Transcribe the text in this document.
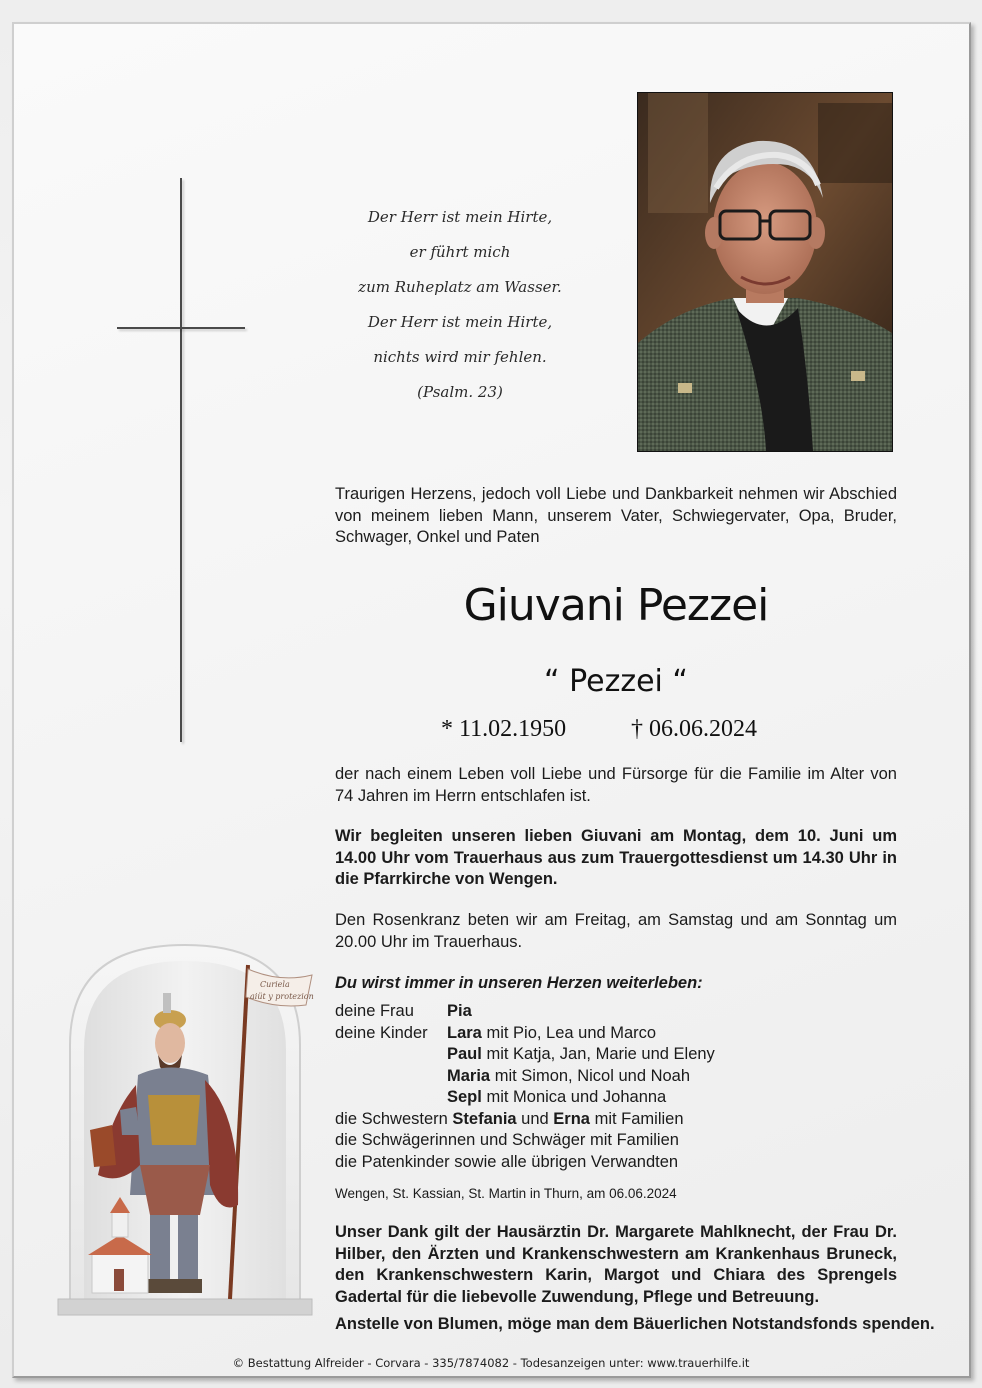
Der Herr ist mein Hirte,
er führt mich
zum Ruheplatz am Wasser.
Der Herr ist mein Hirte,
nichts wird mir fehlen.
(Psalm. 23)
Traurigen Herzens, jedoch voll Liebe und Dankbarkeit nehmen wir Abschied von meinem lieben Mann, unserem Vater, Schwiegervater, Opa, Bruder, Schwager, Onkel und Paten
Giuvani Pezzei
“ Pezzei “
* 11.02.1950	† 06.06.2024
der nach einem Leben voll Liebe und Fürsorge für die Familie im Alter von 74 Jahren im Herrn entschlafen ist.
Wir begleiten unseren lieben Giuvani am Montag, dem 10. Juni um 14.00 Uhr vom Trauerhaus aus zum Trauergottesdienst um 14.30 Uhr in die Pfarrkirche von Wengen.
Den Rosenkranz beten wir am Freitag, am Samstag und am Sonntag um 20.00 Uhr im Trauerhaus.
Du wirst immer in unseren Herzen weiterleben:
deine Frau Pia
deine Kinder Lara mit Pio, Lea und Marco
Paul mit Katja, Jan, Marie und Eleny
Maria mit Simon, Nicol und Noah
Sepl mit Monica und Johanna
die Schwestern Stefania und Erna mit Familien
die Schwägerinnen und Schwäger mit Familien
die Patenkinder sowie alle übrigen Verwandten
Wengen, St. Kassian, St. Martin in Thurn, am 06.06.2024
Unser Dank gilt der Hausärztin Dr. Margarete Mahlknecht, der Frau Dr. Hilber, den Ärzten und Krankenschwestern am Krankenhaus Bruneck, den Krankenschwestern Karin, Margot und Chiara des Sprengels Gadertal für die liebevolle Zuwendung, Pflege und Betreuung.
Anstelle von Blumen, möge man dem Bäuerlichen Notstandsfonds spenden.
© Bestattung Alfreider - Corvara - 335/7874082 - Todesanzeigen unter: www.trauerhilfe.it
Curiela
aiüt y protezion
